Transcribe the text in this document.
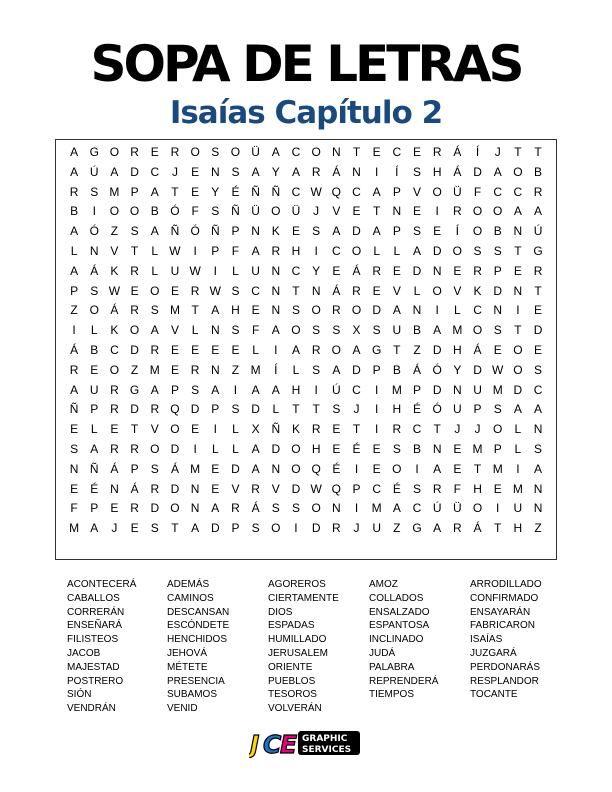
SOPA DE LETRAS
Isaías Capítulo 2
A G O R E R O S O Ü A C O N	T	E C E R Á	Í	J	T	T
A Ú A D C	J	E N S	A	Y	A R Á N	I	Í	S H Á D A O B
R S M P	A	T	E	Y	É Ñ Ñ C W Q C A	P	V O Ü	F	C C R
B	I	O O B Ó F	S Ñ Ü O Ü	J	V	E	T	N E	I	R O O A	A
A Ó Z	S	A Ñ Ó Ñ P N K	E	S	A D A	P	S	E	Í	O B N Ú
L	N V	T	L W	I	P	F	A R H	I	C O	L	L	A D O S	S	T G
A	Á	K R	L	U W	I	L	U N C Y	E	Á R E D N E R P	E R
P	S W E O E R W S C N	T	N Á R E	V	L	O V	K D N	T
Z O Á R S M T	A H E N S O R O D A N	I	L	C N	I	E
I	L	K O A	V	L	N S	F	A O S	S	X	S U B	A M O S	T	D
Á	B C D R E	E	E	E	L	I	A R O A G T	Z	D H Á	E O E
R E O Z M E R N	Z M	Í	L	S	A D P	B	Á Ó Y D W O S
A U R G A	P	S	A	I	A	A H	I	Ú C	I	M P D N U M D C
Ñ P R D R Q D P	S D	L	T	T	S	J	I	H É Ó U P	S	A	A
E	L	E	T	V O E	I	L	X Ñ K R E	T	I	R C	T	J	J	O	L	N
S	A R R O D	I	L	L	A D O H E	É	E	S	B N E M P	L	S
N Ñ Á	P	S	Á M E D A N O Q É	I	E O	I	A	E	T M	I	A
E	É N Á R D N E	V R V D W Q P C É	S R	F	H E M N
F	P	E R D O N A R Á	S	S O N	I	M A C Ú Ü O	I	U N
M A	J	E	S	T	A D P	S O	I	D R	J	U	Z G A R Á	T	H	Z
ACONTECERÁ	ADEMÁS	AGOREROS	AMOZ	ARRODILLADO
CABALLOS	CAMINOS	CIERTAMENTE	COLLADOS	CONFIRMADO
CORRERÁN	DESCANSAN	DIOS	ENSALZADO	ENSAYARÁN
ENSEÑARÁ	ESCÓNDETE	ESPADAS	ESPANTOSA	FABRICARON
FILISTEOS	HENCHIDOS	HUMILLADO	INCLINADO	ISAÍAS
JACOB	JEHOVÁ	JERUSALEM	JUDÁ	JUZGARÁ
MAJESTAD	MÉTETE	ORIENTE	PALABRA	PERDONARÁS
POSTRERO	PRESENCIA	PUEBLOS	REPRENDERÁ	RESPLANDOR
SIÓN	SUBAMOS	TESOROS	TIEMPOS	TOCANTE
VENDRÁN	VENID	VOLVERÁN
J C E GRAPHIC
SERVICES
